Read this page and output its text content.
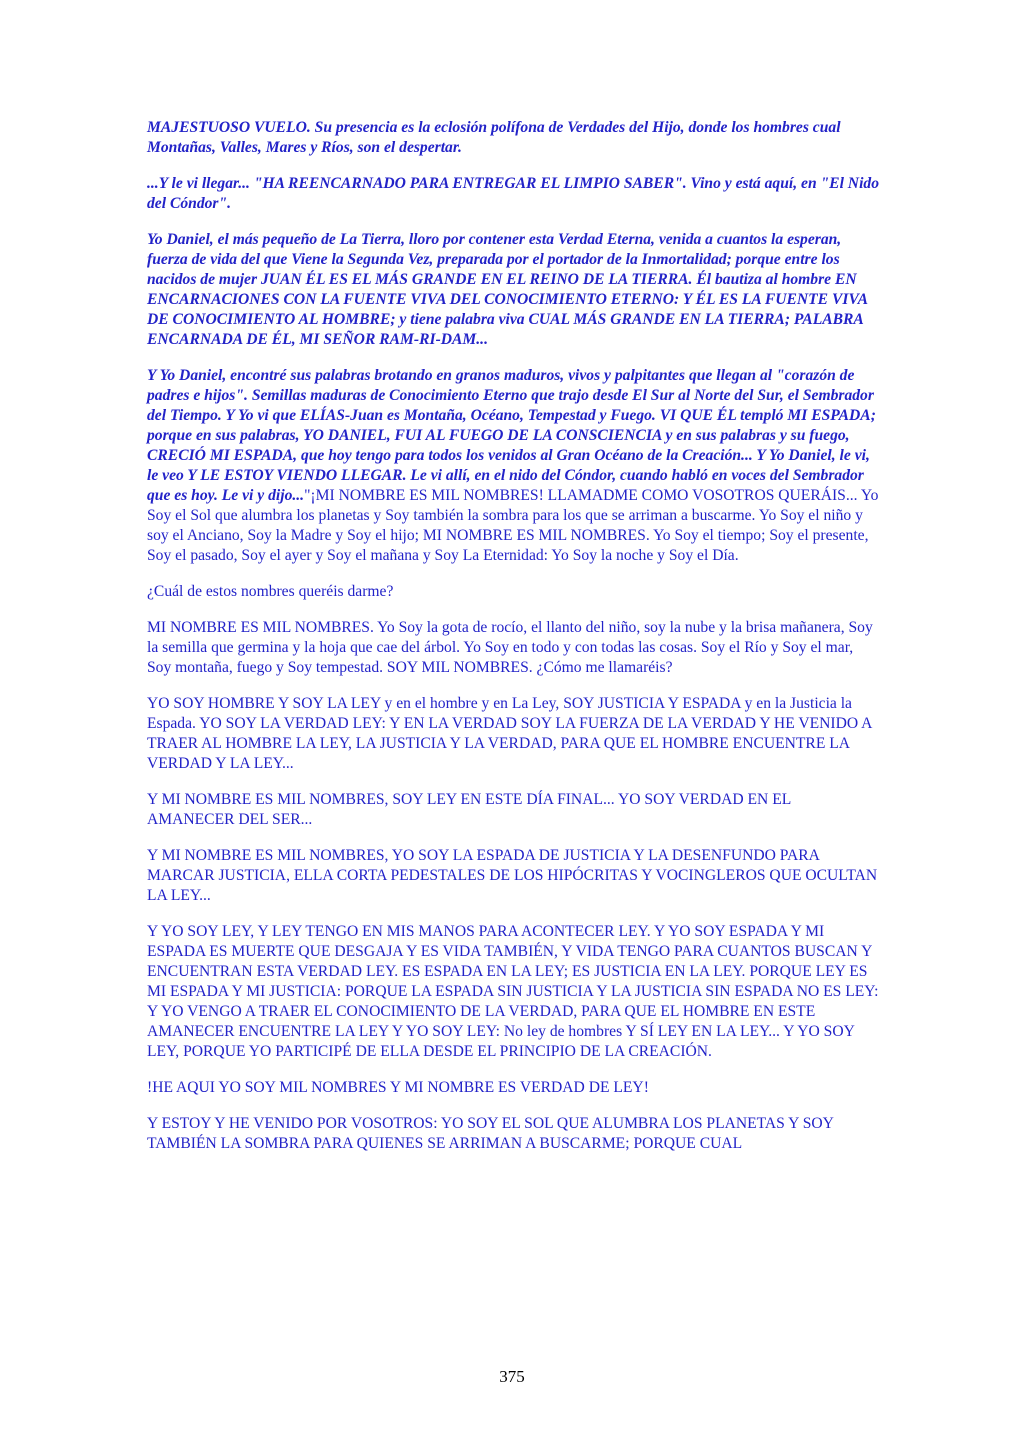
MAJESTUOSO VUELO. Su presencia es la eclosión polífona de Verdades del Hijo, donde los hombres cual Montañas, Valles, Mares y Ríos, son el despertar.

...Y le vi llegar... "HA REENCARNADO PARA ENTREGAR EL LIMPIO SABER". Vino y está aquí, en "El Nido del Cóndor".

Yo Daniel, el más pequeño de La Tierra, lloro por contener esta Verdad Eterna, venida a cuantos la esperan, fuerza de vida del que Viene la Segunda Vez, preparada por el portador de la Inmortalidad; porque entre los nacidos de mujer JUAN ÉL ES EL MÁS GRANDE EN EL REINO DE LA TIERRA. Él bautiza al hombre EN ENCARNACIONES CON LA FUENTE VIVA DEL CONOCIMIENTO ETERNO: Y ÉL ES LA FUENTE VIVA DE CONOCIMIENTO AL HOMBRE; y tiene palabra viva CUAL MÁS GRANDE EN LA TIERRA; PALABRA ENCARNADA DE ÉL, MI SEÑOR RAM-RI-DAM...

Y Yo Daniel, encontré sus palabras brotando en granos maduros, vivos y palpitantes que llegan al "corazón de padres e hijos". Semillas maduras de Conocimiento Eterno que trajo desde El Sur al Norte del Sur, el Sembrador del Tiempo. Y Yo vi que ELÍAS-Juan es Montaña, Océano, Tempestad y Fuego. VI QUE ÉL templó MI ESPADA; porque en sus palabras, YO DANIEL, FUI AL FUEGO DE LA CONSCIENCIA y en sus palabras y su fuego, CRECIÓ MI ESPADA, que hoy tengo para todos los venidos al Gran Océano de la Creación... Y Yo Daniel, le vi, le veo Y LE ESTOY VIENDO LLEGAR. Le vi allí, en el nido del Cóndor, cuando habló en voces del Sembrador que es hoy. Le vi y dijo..."¡MI NOMBRE ES MIL NOMBRES! LLAMADME COMO VOSOTROS QUERÁIS... Yo Soy el Sol que alumbra los planetas y Soy también la sombra para los que se arriman a buscarme. Yo Soy el niño y soy el Anciano, Soy la Madre y Soy el hijo; MI NOMBRE ES MIL NOMBRES. Yo Soy el tiempo; Soy el presente, Soy el pasado, Soy el ayer y Soy el mañana y Soy La Eternidad: Yo Soy la noche y Soy el Día.

¿Cuál de estos nombres queréis darme?

MI NOMBRE ES MIL NOMBRES. Yo Soy la gota de rocío, el llanto del niño, soy la nube y la brisa mañanera, Soy la semilla que germina y la hoja que cae del árbol. Yo Soy en todo y con todas las cosas. Soy el Río y Soy el mar, Soy montaña, fuego y Soy tempestad. SOY MIL NOMBRES. ¿Cómo me llamaréis?

YO SOY HOMBRE Y SOY LA LEY y en el hombre y en La Ley, SOY JUSTICIA Y ESPADA y en la Justicia la Espada. YO SOY LA VERDAD LEY: Y EN LA VERDAD SOY LA FUERZA DE LA VERDAD Y HE VENIDO A TRAER AL HOMBRE LA LEY, LA JUSTICIA Y LA VERDAD, PARA QUE EL HOMBRE ENCUENTRE LA VERDAD Y LA LEY...

Y MI NOMBRE ES MIL NOMBRES, SOY LEY EN ESTE DÍA FINAL... YO SOY VERDAD EN EL AMANECER DEL SER...

Y MI NOMBRE ES MIL NOMBRES, YO SOY LA ESPADA DE JUSTICIA Y LA DESENFUNDO PARA MARCAR JUSTICIA, ELLA CORTA PEDESTALES DE LOS HIPÓCRITAS Y VOCINGLEROS QUE OCULTAN LA LEY...

Y YO SOY LEY, Y LEY TENGO EN MIS MANOS PARA ACONTECER LEY. Y YO SOY ESPADA Y MI ESPADA ES MUERTE QUE DESGAJA Y ES VIDA TAMBIÉN, Y VIDA TENGO PARA CUANTOS BUSCAN Y ENCUENTRAN ESTA VERDAD LEY. ES ESPADA EN LA LEY; ES JUSTICIA EN LA LEY. PORQUE LEY ES MI ESPADA Y MI JUSTICIA: PORQUE LA ESPADA SIN JUSTICIA Y LA JUSTICIA SIN ESPADA NO ES LEY: Y YO VENGO A TRAER EL CONOCIMIENTO DE LA VERDAD, PARA QUE EL HOMBRE EN ESTE AMANECER ENCUENTRE LA LEY Y YO SOY LEY: No ley de hombres Y SÍ LEY EN LA LEY... Y YO SOY LEY, PORQUE YO PARTICIPÉ DE ELLA DESDE EL PRINCIPIO DE LA CREACIÓN.

!HE AQUI YO SOY MIL NOMBRES Y MI NOMBRE ES VERDAD DE LEY!

Y ESTOY Y HE VENIDO POR VOSOTROS: YO SOY EL SOL QUE ALUMBRA LOS PLANETAS Y SOY TAMBIÉN LA SOMBRA PARA QUIENES SE ARRIMAN A BUSCARME; PORQUE CUAL

375
